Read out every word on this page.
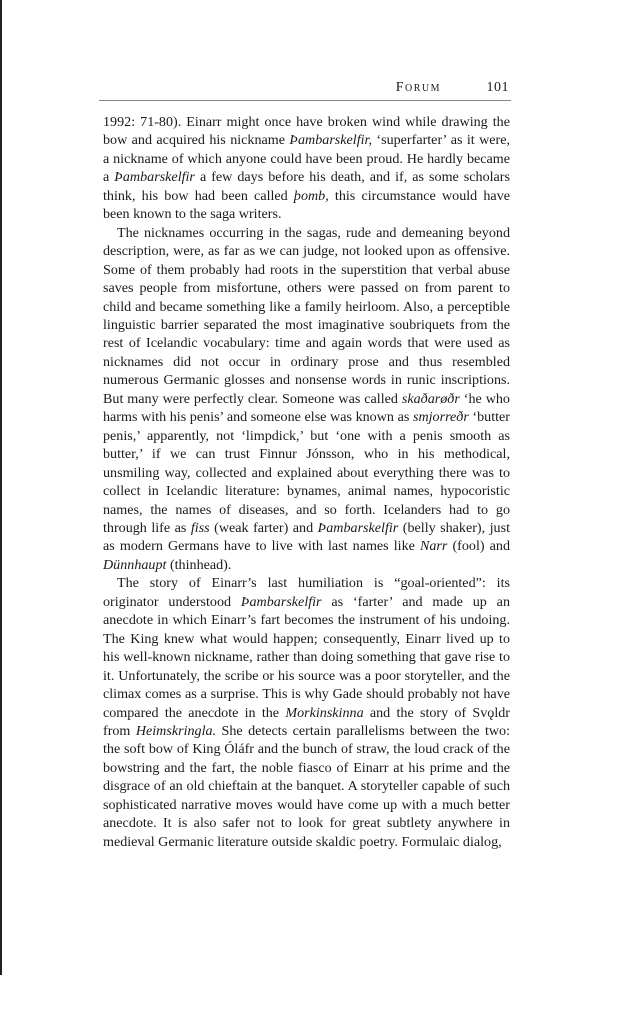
Forum	101

1992: 71-80). Einarr might once have broken wind while drawing the bow and acquired his nickname Þambarskelfir, ‘superfarter’ as it were, a nickname of which anyone could have been proud. He hardly became a Þambarskelfir a few days before his death, and if, as some scholars think, his bow had been called þomb, this circumstance would have been known to the saga writers.

The nicknames occurring in the sagas, rude and demeaning beyond description, were, as far as we can judge, not looked upon as offensive. Some of them probably had roots in the superstition that verbal abuse saves people from misfortune, others were passed on from parent to child and became something like a family heirloom. Also, a perceptible linguistic barrier separated the most imaginative soubriquets from the rest of Icelandic vocabulary: time and again words that were used as nicknames did not occur in ordinary prose and thus resembled numerous Germanic glosses and nonsense words in runic inscriptions. But many were perfectly clear. Someone was called skaðarøðr ‘he who harms with his penis’ and someone else was known as smjorreðr ‘butter penis,’ apparently, not ‘limpdick,’ but ‘one with a penis smooth as butter,’ if we can trust Finnur Jónsson, who in his methodical, unsmiling way, collected and explained about everything there was to collect in Icelandic literature: bynames, animal names, hypocoristic names, the names of diseases, and so forth. Icelanders had to go through life as fiss (weak farter) and Þambarskelfir (belly shaker), just as modern Germans have to live with last names like Narr (fool) and Dünnhaupt (thinhead).

The story of Einarr’s last humiliation is “goal-oriented”: its originator understood Þambarskelfir as ‘farter’ and made up an anecdote in which Einarr’s fart becomes the instrument of his undoing. The King knew what would happen; consequently, Einarr lived up to his well-known nickname, rather than doing something that gave rise to it. Unfortunately, the scribe or his source was a poor storyteller, and the climax comes as a surprise. This is why Gade should probably not have compared the anecdote in the Morkinskinna and the story of Svǫldr from Heimskringla. She detects certain parallelisms between the two: the soft bow of King Óláfr and the bunch of straw, the loud crack of the bowstring and the fart, the noble fiasco of Einarr at his prime and the disgrace of an old chieftain at the banquet. A storyteller capable of such sophisticated narrative moves would have come up with a much better anecdote. It is also safer not to look for great subtlety anywhere in medieval Germanic literature outside skaldic poetry. Formulaic dialog,
